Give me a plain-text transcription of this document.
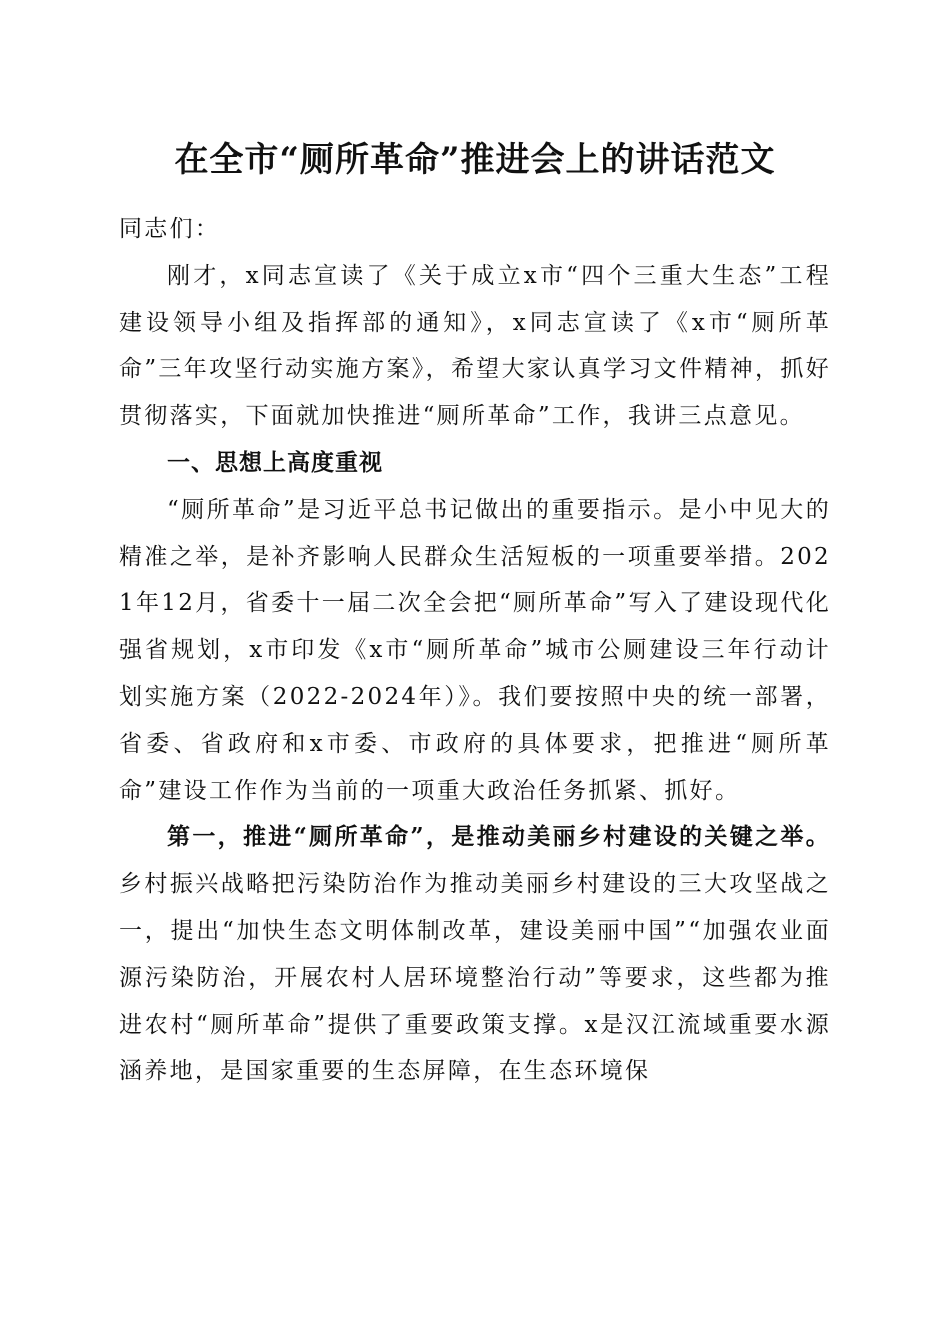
在全市“厕所革命”推进会上的讲话范文

同志们：

刚才，x同志宣读了《关于成立x市“四个三重大生态”工程建设领导小组及指挥部的通知》，x同志宣读了《x市“厕所革命”三年攻坚行动实施方案》，希望大家认真学习文件精神，抓好贯彻落实，下面就加快推进“厕所革命”工作，我讲三点意见。

一、思想上高度重视

“厕所革命”是习近平总书记做出的重要指示。是小中见大的精准之举，是补齐影响人民群众生活短板的一项重要举措。2021年12月，省委十一届二次全会把“厕所革命”写入了建设现代化强省规划，x市印发《x市“厕所革命”城市公厕建设三年行动计划实施方案（2022-2024年）》。我们要按照中央的统一部署，省委、省政府和x市委、市政府的具体要求，把推进“厕所革命”建设工作作为当前的一项重大政治任务抓紧、抓好。

第一，推进“厕所革命”，是推动美丽乡村建设的关键之举。乡村振兴战略把污染防治作为推动美丽乡村建设的三大攻坚战之一，提出“加快生态文明体制改革，建设美丽中国”“加强农业面源污染防治，开展农村人居环境整治行动”等要求，这些都为推进农村“厕所革命”提供了重要政策支撑。x是汉江流域重要水源涵养地，是国家重要的生态屏障，在生态环境保
